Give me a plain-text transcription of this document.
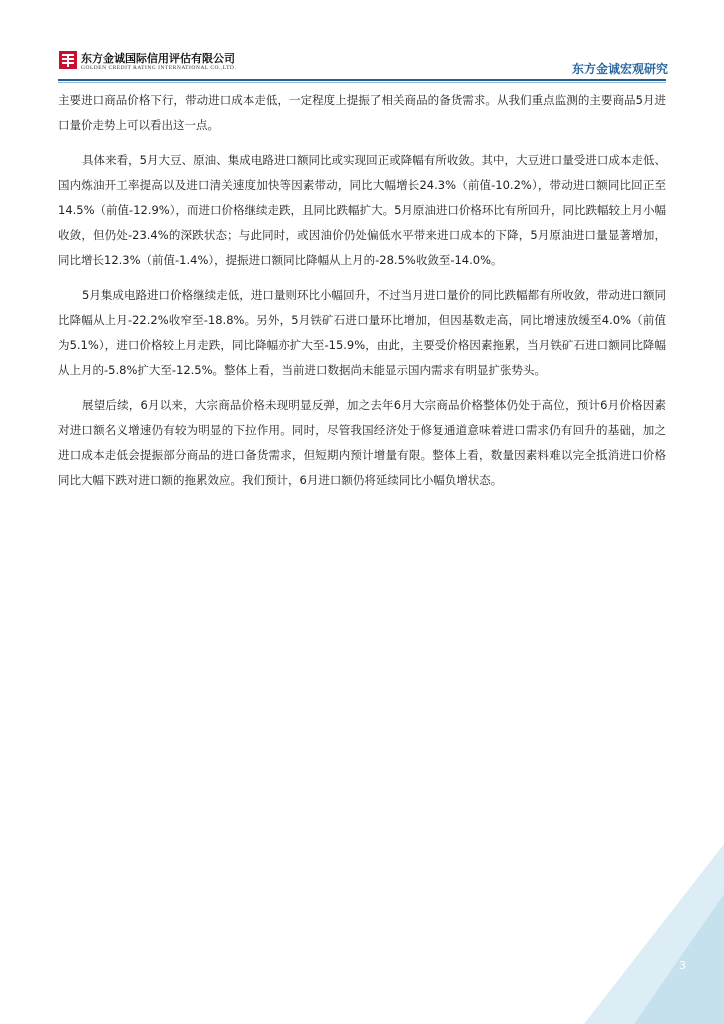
东方金诚国际信用评估有限公司
GOLDEN CREDIT RATING INTERNATIONAL CO.,LTD.	东方金诚宏观研究

主要进口商品价格下行，带动进口成本走低，一定程度上提振了相关商品的备货需求。从我们重点监测的主要商品5月进口量价走势上可以看出这一点。

具体来看，5月大豆、原油、集成电路进口额同比或实现回正或降幅有所收敛。其中，大豆进口量受进口成本走低、国内炼油开工率提高以及进口清关速度加快等因素带动，同比大幅增长24.3%（前值-10.2%），带动进口额同比回正至14.5%（前值-12.9%），而进口价格继续走跌，且同比跌幅扩大。5月原油进口价格环比有所回升，同比跌幅较上月小幅收敛，但仍处-23.4%的深跌状态；与此同时，或因油价仍处偏低水平带来进口成本的下降，5月原油进口量显著增加，同比增长12.3%（前值-1.4%），提振进口额同比降幅从上月的-28.5%收敛至-14.0%。

5月集成电路进口价格继续走低，进口量则环比小幅回升，不过当月进口量价的同比跌幅都有所收敛，带动进口额同比降幅从上月-22.2%收窄至-18.8%。另外，5月铁矿石进口量环比增加，但因基数走高，同比增速放缓至4.0%（前值为5.1%），进口价格较上月走跌，同比降幅亦扩大至-15.9%，由此，主要受价格因素拖累，当月铁矿石进口额同比降幅从上月的-5.8%扩大至-12.5%。整体上看，当前进口数据尚未能显示国内需求有明显扩张势头。

展望后续，6月以来，大宗商品价格未现明显反弹，加之去年6月大宗商品价格整体仍处于高位，预计6月价格因素对进口额名义增速仍有较为明显的下拉作用。同时，尽管我国经济处于修复通道意味着进口需求仍有回升的基础，加之进口成本走低会提振部分商品的进口备货需求，但短期内预计增量有限。整体上看，数量因素料难以完全抵消进口价格同比大幅下跌对进口额的拖累效应。我们预计，6月进口额仍将延续同比小幅负增状态。

3
